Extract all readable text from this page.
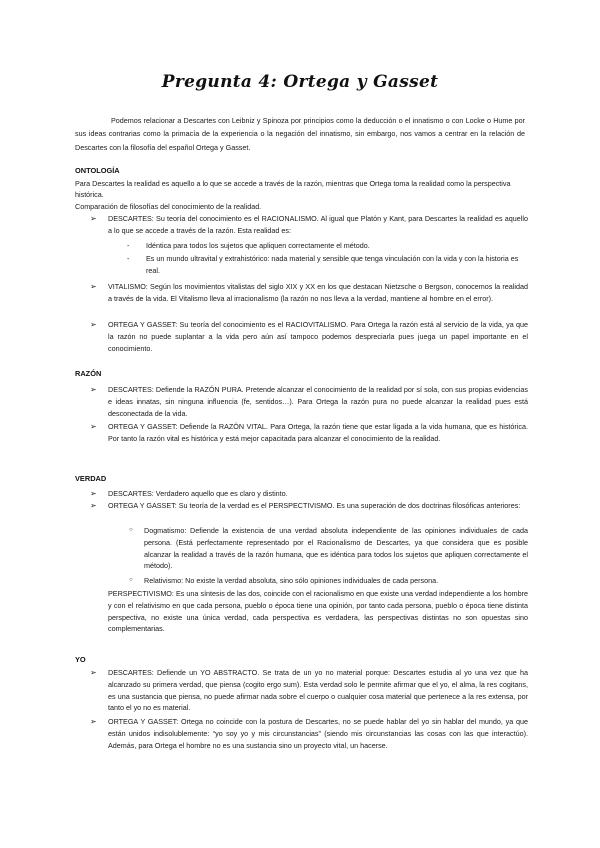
Pregunta 4: Ortega y Gasset
Podemos relacionar a Descartes con Leibniz y Spinoza por principios como la deducción o el innatismo o con Locke o Hume por sus ideas contrarias como la primacía de la experiencia o la negación del innatismo, sin embargo, nos vamos a centrar en la relación de Descartes con la filosofía del español Ortega y Gasset.
ONTOLOGÍA
Para Descartes la realidad es aquello a lo que se accede a través de la razón, mientras que Ortega toma la realidad como la perspectiva histórica.
Comparación de filosofías del conocimiento de la realidad.
➢ DESCARTES: Su teoría del conocimiento es el RACIONALISMO. Al igual que Platón y Kant, para Descartes la realidad es aquello a lo que se accede a través de la razón. Esta realidad es:
- Idéntica para todos los sujetos que apliquen correctamente el método.
- Es un mundo ultravital y extrahistórico: nada material y sensible que tenga vinculación con la vida y con la historia es real.
➢ VITALISMO: Según los movimientos vitalistas del siglo XIX y XX en los que destacan Nietzsche o Bergson, conocemos la realidad a través de la vida. El Vitalismo lleva al irracionalismo (la razón no nos lleva a la verdad, mantiene al hombre en el error).
➢ ORTEGA Y GASSET: Su teoría del conocimiento es el RACIOVITALISMO. Para Ortega la razón está al servicio de la vida, ya que la razón no puede suplantar a la vida pero aún así tampoco podemos despreciarla pues juega un papel importante en el conocimiento.
RAZÓN
➢ DESCARTES: Defiende la RAZÓN PURA. Pretende alcanzar el conocimiento de la realidad por sí sola, con sus propias evidencias e ideas innatas, sin ninguna influencia (fe, sentidos…). Para Ortega la razón pura no puede alcanzar la realidad pues está desconectada de la vida.
➢ ORTEGA Y GASSET: Defiende la RAZÓN VITAL. Para Ortega, la razón tiene que estar ligada a la vida humana, que es histórica. Por tanto la razón vital es histórica y está mejor capacitada para alcanzar el conocimiento de la realidad.
VERDAD
➢ DESCARTES: Verdadero aquello que es claro y distinto.
➢ ORTEGA Y GASSET: Su teoría de la verdad es el PERSPECTIVISMO. Es una superación de dos doctrinas filosóficas anteriores:
○ Dogmatismo: Defiende la existencia de una verdad absoluta independiente de las opiniones individuales de cada persona. (Está perfectamente representado por el Racionalismo de Descartes, ya que considera que es posible alcanzar la realidad a través de la razón humana, que es idéntica para todos los sujetos que apliquen correctamente el método).
○ Relativismo: No existe la verdad absoluta, sino sólo opiniones individuales de cada persona.
PERSPECTIVISMO: Es una síntesis de las dos, coincide con el racionalismo en que existe una verdad independiente a los hombre y con el relativismo en que cada persona, pueblo o época tiene una opinión, por tanto cada persona, pueblo o época tiene distinta perspectiva, no existe una única verdad, cada perspectiva es verdadera, las perspectivas distintas no son opuestas sino complementarias.
YO
➢ DESCARTES: Defiende un YO ABSTRACTO. Se trata de un yo no material porque: Descartes estudia al yo una vez que ha alcanzado su primera verdad, que piensa (cogito ergo sum). Esta verdad solo le permite afirmar que el yo, el alma, la res cogitans, es una sustancia que piensa, no puede afirmar nada sobre el cuerpo o cualquier cosa material que pertenece a la res extensa, por tanto el yo no es material.
➢ ORTEGA Y GASSET: Ortega no coincide con la postura de Descartes, no se puede hablar del yo sin hablar del mundo, ya que están unidos indisolublemente: “yo soy yo y mis circunstancias” (siendo mis circunstancias las cosas con las que interactúo). Además, para Ortega el hombre no es una sustancia sino un proyecto vital, un hacerse.
